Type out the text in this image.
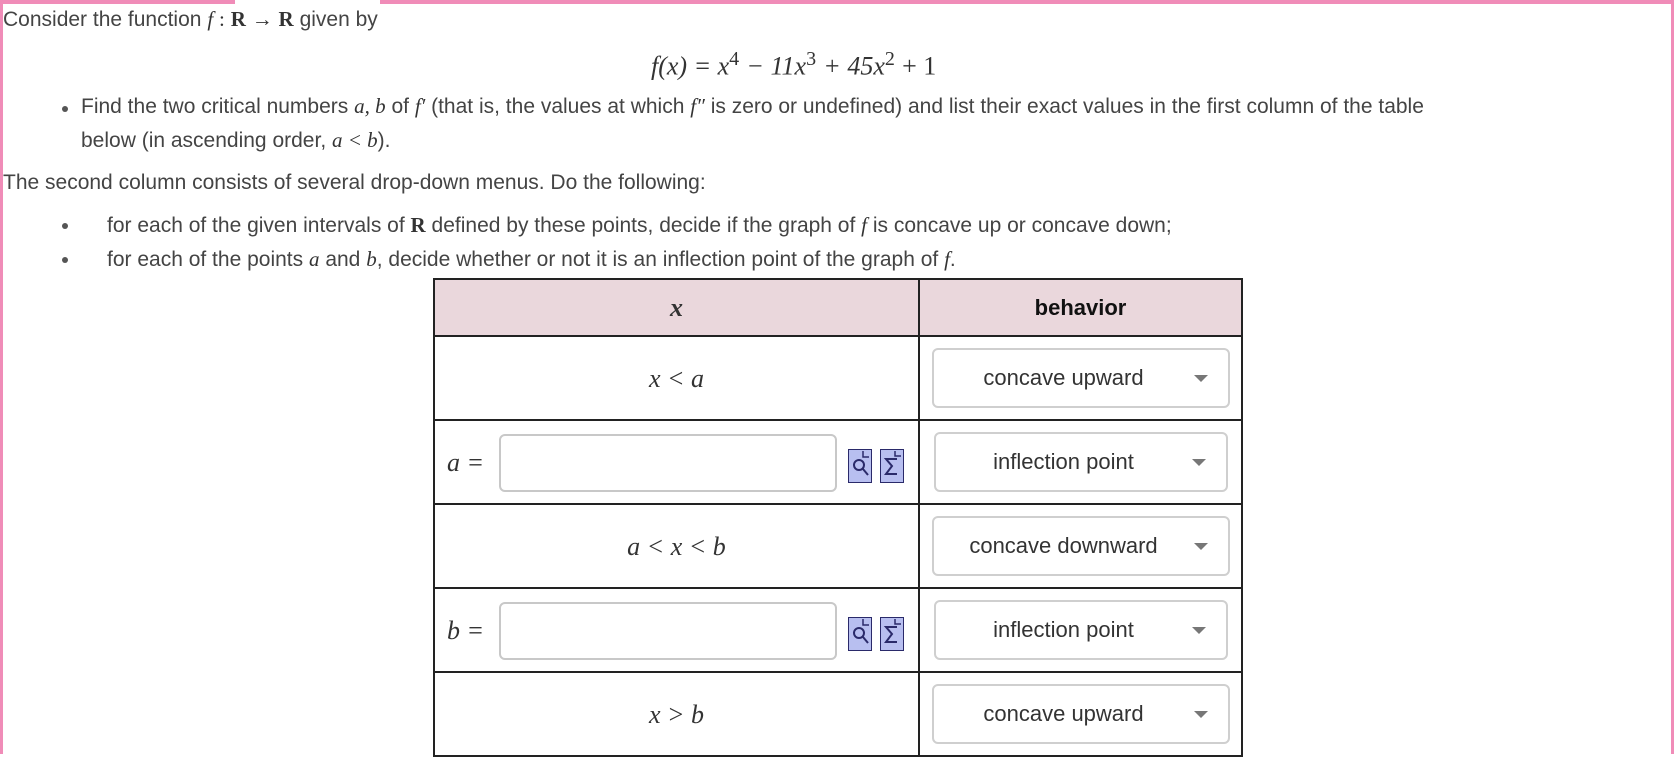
Consider the function f : R → R given by
$f(x) = x^4 - 11x^3 + 45x^2 + 1$
Find the two critical numbers a, b of f′ (that is, the values at which f″ is zero or undefined) and list their exact values in the first column of the table
below (in ascending order, a < b).
The second column consists of several drop-down menus. Do the following:
for each of the given intervals of R defined by these points, decide if the graph of f is concave up or concave down;
for each of the points a and b, decide whether or not it is an inflection point of the graph of f.
x	behavior
x < a	concave upward

a =	inflection point

a < x < b	concave downward

b =	inflection point

x > b	concave upward
